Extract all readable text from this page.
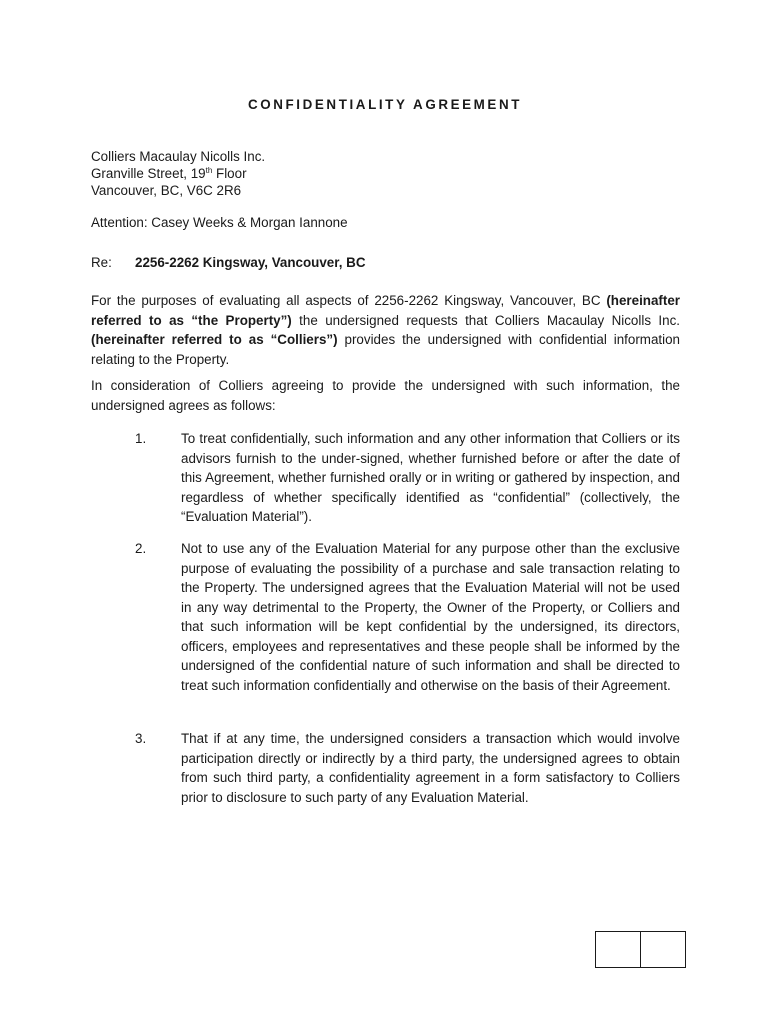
CONFIDENTIALITY AGREEMENT
Colliers Macaulay Nicolls Inc.
Granville Street, 19th Floor
Vancouver, BC, V6C 2R6
Attention: Casey Weeks & Morgan Iannone
Re: 2256-2262 Kingsway, Vancouver, BC

For the purposes of evaluating all aspects of 2256-2262 Kingsway, Vancouver, BC (hereinafter referred to as “the Property”) the undersigned requests that Colliers Macaulay Nicolls Inc. (hereinafter referred to as “Colliers”) provides the undersigned with confidential information relating to the Property.

In consideration of Colliers agreeing to provide the undersigned with such information, the undersigned agrees as follows:

1.	To treat confidentially, such information and any other information that Colliers or its advisors furnish to the under-signed, whether furnished before or after the date of this Agreement, whether furnished orally or in writing or gathered by inspection, and regardless of whether specifically identified as “confidential” (collectively, the “Evaluation Material”).
2.	Not to use any of the Evaluation Material for any purpose other than the exclusive purpose of evaluating the possibility of a purchase and sale transaction relating to the Property. The undersigned agrees that the Evaluation Material will not be used in any way detrimental to the Property, the Owner of the Property, or Colliers and that such information will be kept confidential by the undersigned, its directors, officers, employees and representatives and these people shall be informed by the undersigned of the confidential nature of such information and shall be directed to treat such information confidentially and otherwise on the basis of their Agreement.
3.	That if at any time, the undersigned considers a transaction which would involve participation directly or indirectly by a third party, the undersigned agrees to obtain from such third party, a confidentiality agreement in a form satisfactory to Colliers prior to disclosure to such party of any Evaluation Material.
